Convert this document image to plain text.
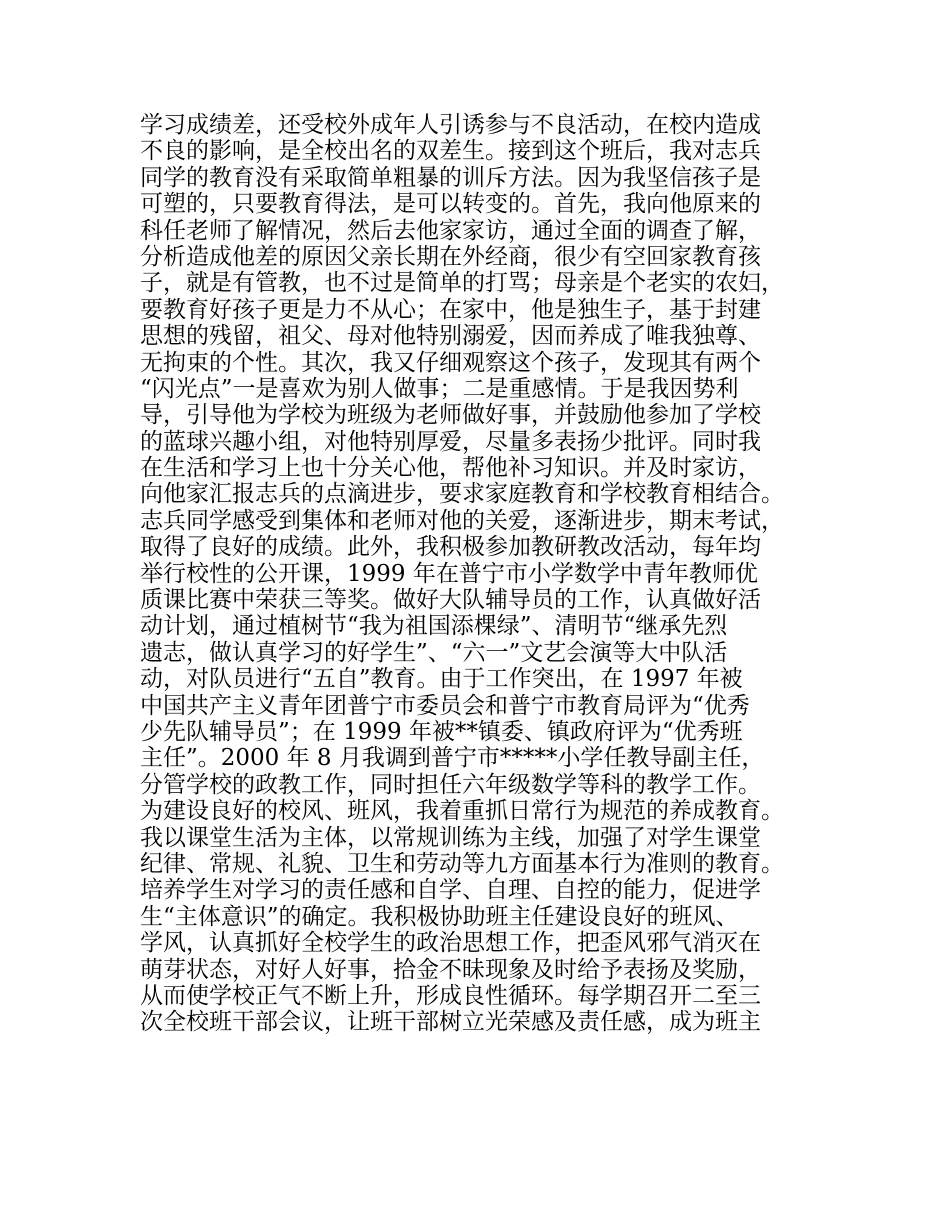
学习成绩差，还受校外成年人引诱参与不良活动，在校内造成
不良的影响，是全校出名的双差生。接到这个班后，我对志兵
同学的教育没有采取简单粗暴的训斥方法。因为我坚信孩子是
可塑的，只要教育得法，是可以转变的。首先，我向他原来的
科任老师了解情况，然后去他家家访，通过全面的调查了解，
分析造成他差的原因父亲长期在外经商，很少有空回家教育孩
子，就是有管教，也不过是简单的打骂；母亲是个老实的农妇，
要教育好孩子更是力不从心；在家中，他是独生子，基于封建
思想的残留，祖父、母对他特别溺爱，因而养成了唯我独尊、
无拘束的个性。其次，我又仔细观察这个孩子，发现其有两个
“闪光点”一是喜欢为别人做事；二是重感情。于是我因势利
导，引导他为学校为班级为老师做好事，并鼓励他参加了学校
的蓝球兴趣小组，对他特别厚爱，尽量多表扬少批评。同时我
在生活和学习上也十分关心他，帮他补习知识。并及时家访，
向他家汇报志兵的点滴进步，要求家庭教育和学校教育相结合。
志兵同学感受到集体和老师对他的关爱，逐渐进步，期末考试，
取得了良好的成绩。此外，我积极参加教研教改活动，每年均
举行校性的公开课，1999 年在普宁市小学数学中青年教师优
质课比赛中荣获三等奖。做好大队辅导员的工作，认真做好活
动计划，通过植树节“我为祖国添棵绿”、清明节“继承先烈
遗志，做认真学习的好学生”、“六一”文艺会演等大中队活
动，对队员进行“五自”教育。由于工作突出，在 1997 年被
中国共产主义青年团普宁市委员会和普宁市教育局评为“优秀
少先队辅导员”；在 1999 年被**镇委、镇政府评为“优秀班
主任”。2000 年 8 月我调到普宁市*****小学任教导副主任，
分管学校的政教工作，同时担任六年级数学等科的教学工作。
为建设良好的校风、班风，我着重抓日常行为规范的养成教育。
我以课堂生活为主体，以常规训练为主线，加强了对学生课堂
纪律、常规、礼貌、卫生和劳动等九方面基本行为准则的教育。
培养学生对学习的责任感和自学、自理、自控的能力，促进学
生“主体意识”的确定。我积极协助班主任建设良好的班风、
学风，认真抓好全校学生的政治思想工作，把歪风邪气消灭在
萌芽状态，对好人好事，拾金不昧现象及时给予表扬及奖励，
从而使学校正气不断上升，形成良性循环。每学期召开二至三
次全校班干部会议，让班干部树立光荣感及责任感，成为班主
